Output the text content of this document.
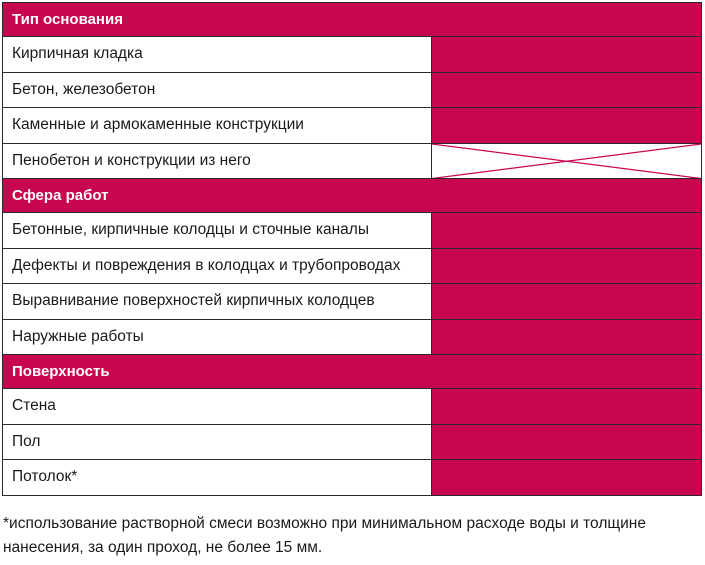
Тип основания
Кирпичная кладка
Бетон, железобетон
Каменные и армокаменные конструкции
Пенобетон и конструкции из него
Сфера работ
Бетонные, кирпичные колодцы и сточные каналы
Дефекты и повреждения в колодцах и трубопроводах
Выравнивание поверхностей кирпичных колодцев
Наружные работы
Поверхность
Стена
Пол
Потолок*
*использование растворной смеси возможно при минимальном расходе воды и толщине нанесения, за один проход, не более 15 мм.
